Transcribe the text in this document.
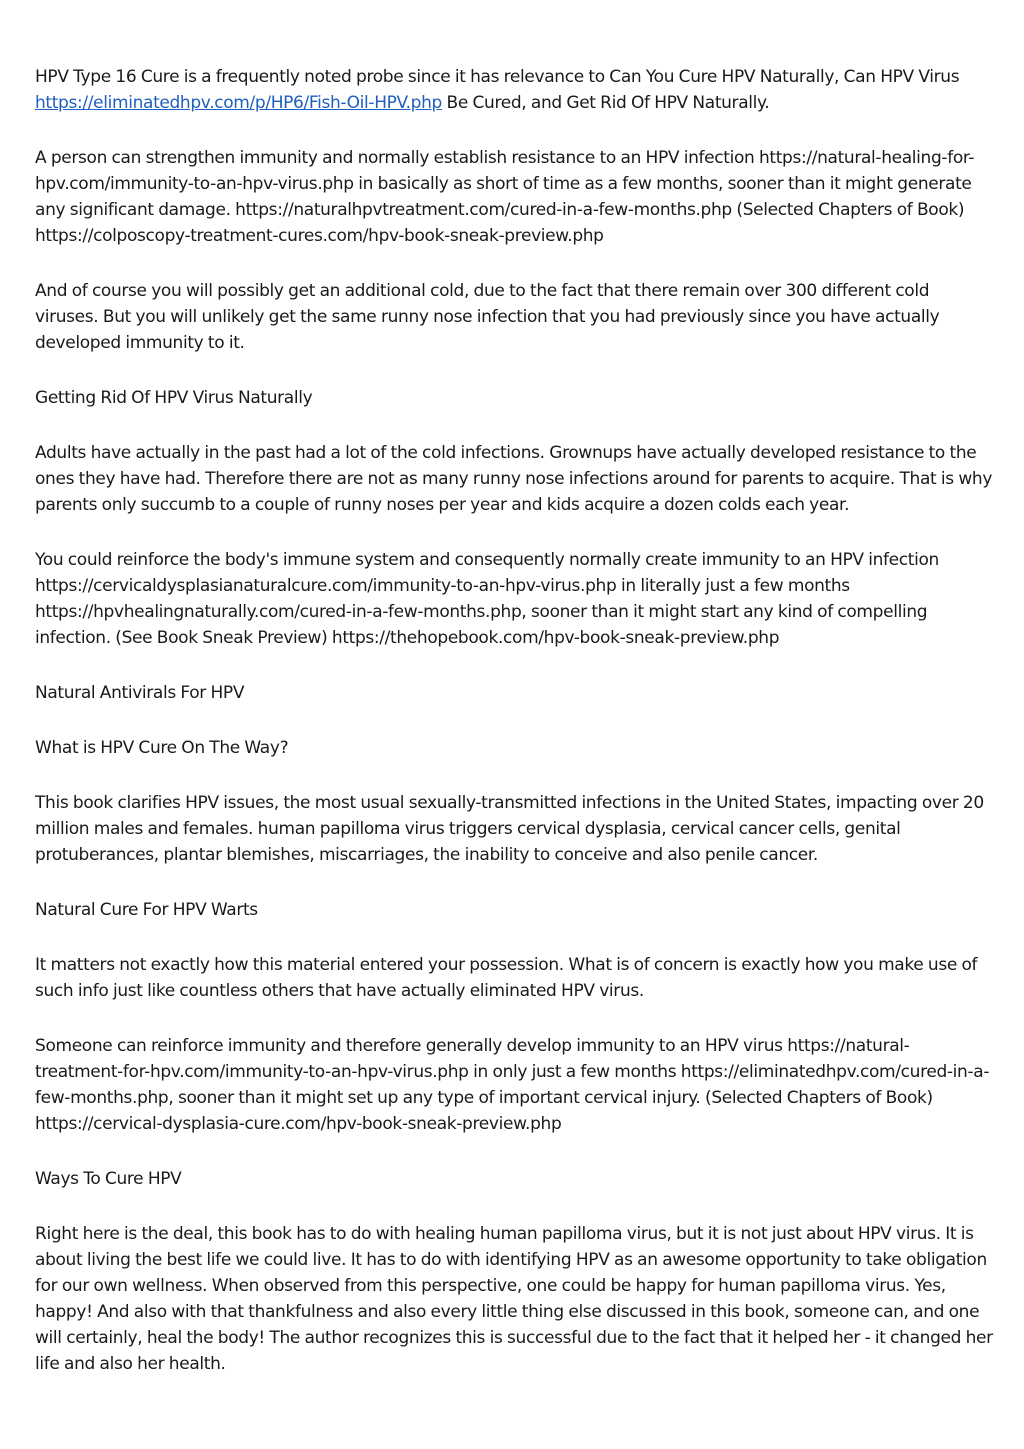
HPV Type 16 Cure is a frequently noted probe since it has relevance to Can You Cure HPV Naturally, Can HPV Virus https://eliminatedhpv.com/p/HP6/Fish-Oil-HPV.php Be Cured, and Get Rid Of HPV Naturally.

A person can strengthen immunity and normally establish resistance to an HPV infection https://natural-healing-for-hpv.com/immunity-to-an-hpv-virus.php in basically as short of time as a few months, sooner than it might generate any significant damage. https://naturalhpvtreatment.com/cured-in-a-few-months.php (Selected Chapters of Book) https://colposcopy-treatment-cures.com/hpv-book-sneak-preview.php

And of course you will possibly get an additional cold, due to the fact that there remain over 300 different cold viruses. But you will unlikely get the same runny nose infection that you had previously since you have actually developed immunity to it.

Getting Rid Of HPV Virus Naturally

Adults have actually in the past had a lot of the cold infections. Grownups have actually developed resistance to the ones they have had. Therefore there are not as many runny nose infections around for parents to acquire. That is why parents only succumb to a couple of runny noses per year and kids acquire a dozen colds each year.

You could reinforce the body's immune system and consequently normally create immunity to an HPV infection https://cervicaldysplasianaturalcure.com/immunity-to-an-hpv-virus.php in literally just a few months https://hpvhealingnaturally.com/cured-in-a-few-months.php, sooner than it might start any kind of compelling infection. (See Book Sneak Preview) https://thehopebook.com/hpv-book-sneak-preview.php

Natural Antivirals For HPV

What is HPV Cure On The Way?

This book clarifies HPV issues, the most usual sexually-transmitted infections in the United States, impacting over 20 million males and females. human papilloma virus triggers cervical dysplasia, cervical cancer cells, genital protuberances, plantar blemishes, miscarriages, the inability to conceive and also penile cancer.

Natural Cure For HPV Warts

It matters not exactly how this material entered your possession. What is of concern is exactly how you make use of such info just like countless others that have actually eliminated HPV virus.

Someone can reinforce immunity and therefore generally develop immunity to an HPV virus https://natural-treatment-for-hpv.com/immunity-to-an-hpv-virus.php in only just a few months https://eliminatedhpv.com/cured-in-a-few-months.php, sooner than it might set up any type of important cervical injury. (Selected Chapters of Book) https://cervical-dysplasia-cure.com/hpv-book-sneak-preview.php

Ways To Cure HPV

Right here is the deal, this book has to do with healing human papilloma virus, but it is not just about HPV virus. It is about living the best life we could live. It has to do with identifying HPV as an awesome opportunity to take obligation for our own wellness. When observed from this perspective, one could be happy for human papilloma virus. Yes, happy! And also with that thankfulness and also every little thing else discussed in this book, someone can, and one will certainly, heal the body! The author recognizes this is successful due to the fact that it helped her - it changed her life and also her health.
